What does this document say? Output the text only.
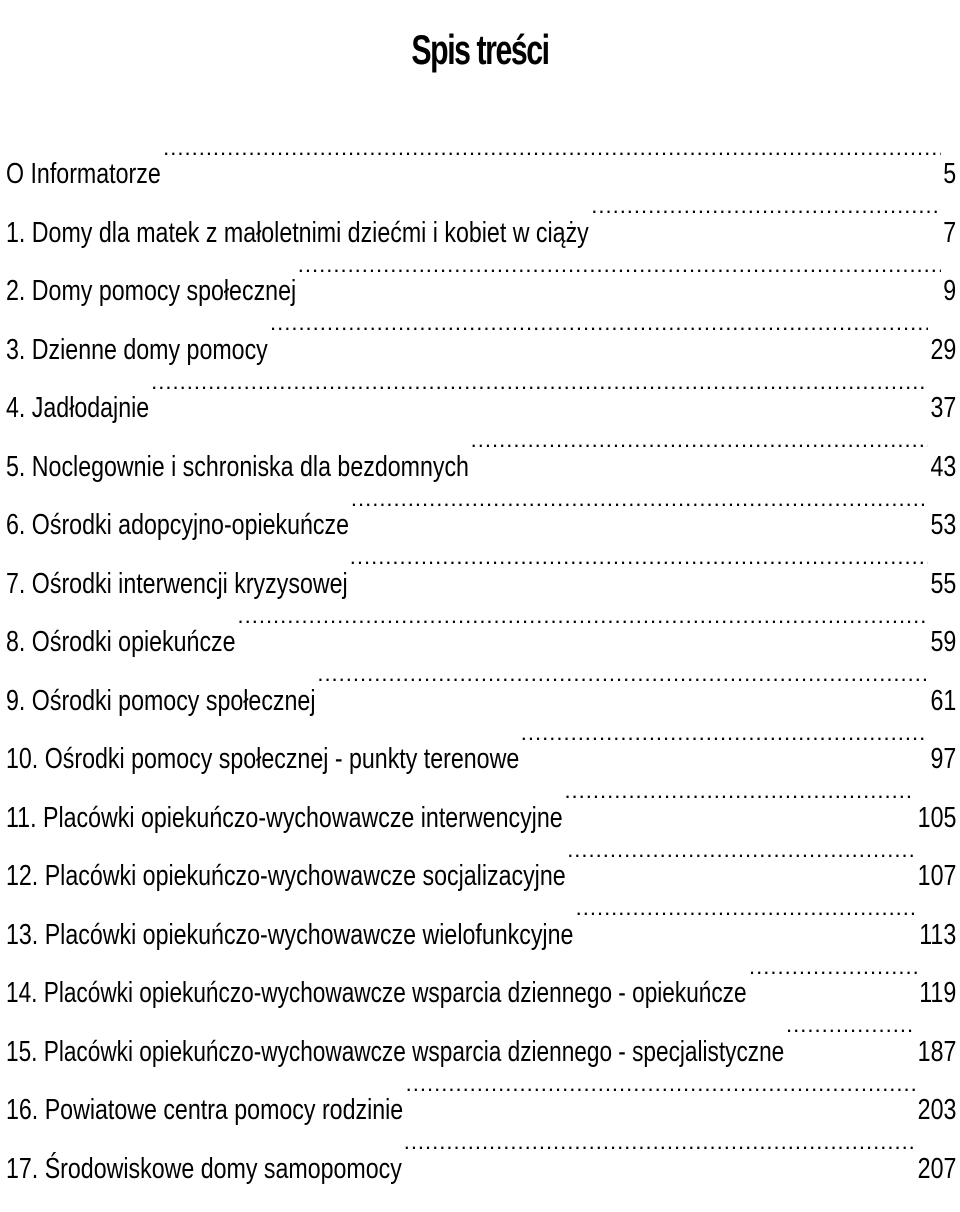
Spis treści
O Informatorze .....	5
1. Domy dla matek z małoletnimi dziećmi i kobiet w ciąży .....	7
2. Domy pomocy społecznej .....	9
3. Dzienne domy pomocy .....	29
4. Jadłodajnie .....	37
5. Noclegownie i schroniska dla bezdomnych .....	43
6. Ośrodki adopcyjno-opiekuńcze .....	53
7. Ośrodki interwencji kryzysowej .....	55
8. Ośrodki opiekuńcze .....	59
9. Ośrodki pomocy społecznej .....	61
10. Ośrodki pomocy społecznej - punkty terenowe .....	97
11. Placówki opiekuńczo-wychowawcze interwencyjne .....	105
12. Placówki opiekuńczo-wychowawcze socjalizacyjne .....	107
13. Placówki opiekuńczo-wychowawcze wielofunkcyjne .....	113
14. Placówki opiekuńczo-wychowawcze wsparcia dziennego - opiekuńcze .....	119
15. Placówki opiekuńczo-wychowawcze wsparcia dziennego - specjalistyczne .....	187
16. Powiatowe centra pomocy rodzinie .....	203
17. Środowiskowe domy samopomocy .....	207
